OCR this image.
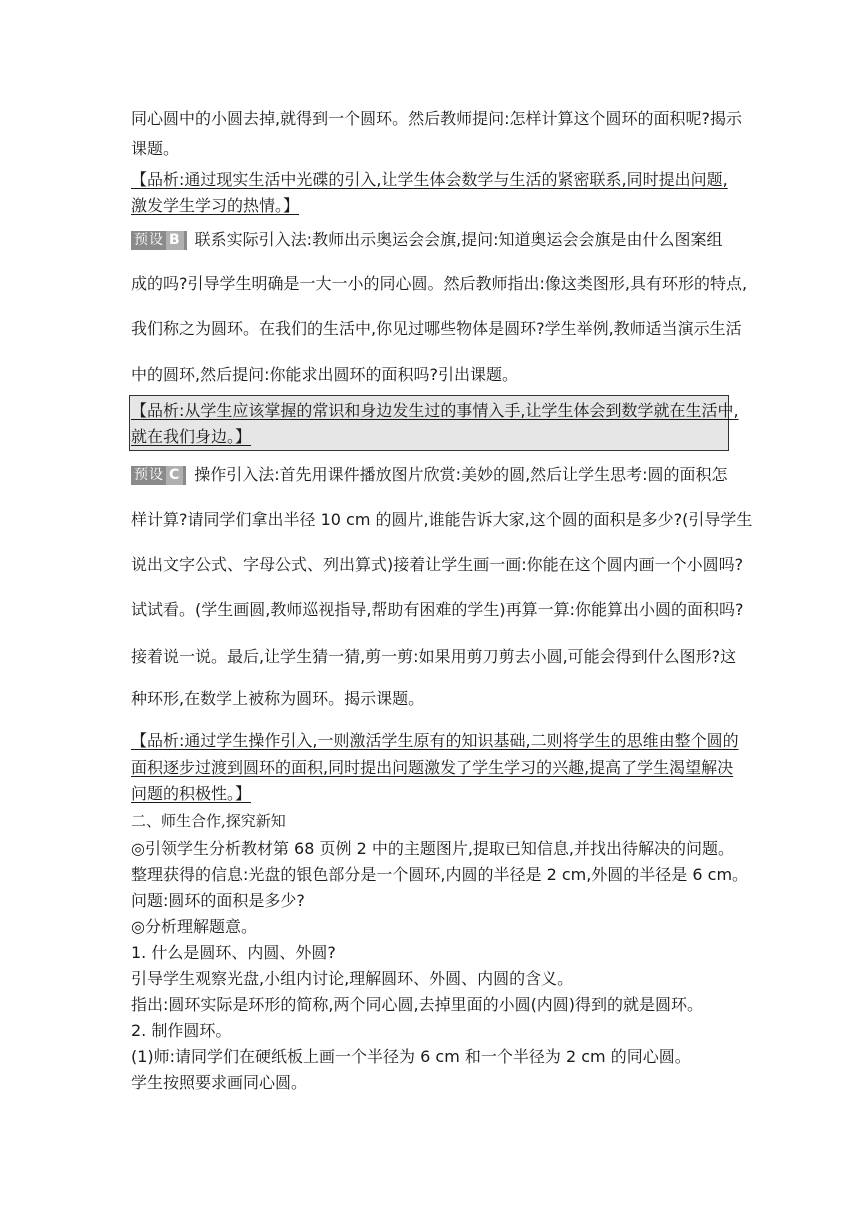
同心圆中的小圆去掉,就得到一个圆环。然后教师提问:怎样计算这个圆环的面积呢?揭示
课题。
【品析:通过现实生活中光碟的引入,让学生体会数学与生活的紧密联系,同时提出问题,
激发学生学习的热情。】
预设 B 联系实际引入法:教师出示奥运会会旗,提问:知道奥运会会旗是由什么图案组
成的吗?引导学生明确是一大一小的同心圆。然后教师指出:像这类图形,具有环形的特点,
我们称之为圆环。在我们的生活中,你见过哪些物体是圆环?学生举例,教师适当演示生活
中的圆环,然后提问:你能求出圆环的面积吗?引出课题。
【品析:从学生应该掌握的常识和身边发生过的事情入手,让学生体会到数学就在生活中,
就在我们身边。】
预设 C 操作引入法:首先用课件播放图片欣赏:美妙的圆,然后让学生思考:圆的面积怎
样计算?请同学们拿出半径 10 cm 的圆片,谁能告诉大家,这个圆的面积是多少?(引导学生
说出文字公式、字母公式、列出算式)接着让学生画一画:你能在这个圆内画一个小圆吗?
试试看。(学生画圆,教师巡视指导,帮助有困难的学生)再算一算:你能算出小圆的面积吗?
接着说一说。最后,让学生猜一猜,剪一剪:如果用剪刀剪去小圆,可能会得到什么图形?这
种环形,在数学上被称为圆环。揭示课题。
【品析:通过学生操作引入,一则激活学生原有的知识基础,二则将学生的思维由整个圆的
面积逐步过渡到圆环的面积,同时提出问题激发了学生学习的兴趣,提高了学生渴望解决
问题的积极性。】
二、师生合作,探究新知
◎引领学生分析教材第 68 页例 2 中的主题图片,提取已知信息,并找出待解决的问题。
整理获得的信息:光盘的银色部分是一个圆环,内圆的半径是 2 cm,外圆的半径是 6 cm。
问题:圆环的面积是多少?
◎分析理解题意。
1. 什么是圆环、内圆、外圆?
引导学生观察光盘,小组内讨论,理解圆环、外圆、内圆的含义。
指出:圆环实际是环形的简称,两个同心圆,去掉里面的小圆(内圆)得到的就是圆环。
2. 制作圆环。
(1)师:请同学们在硬纸板上画一个半径为 6 cm 和一个半径为 2 cm 的同心圆。
学生按照要求画同心圆。
